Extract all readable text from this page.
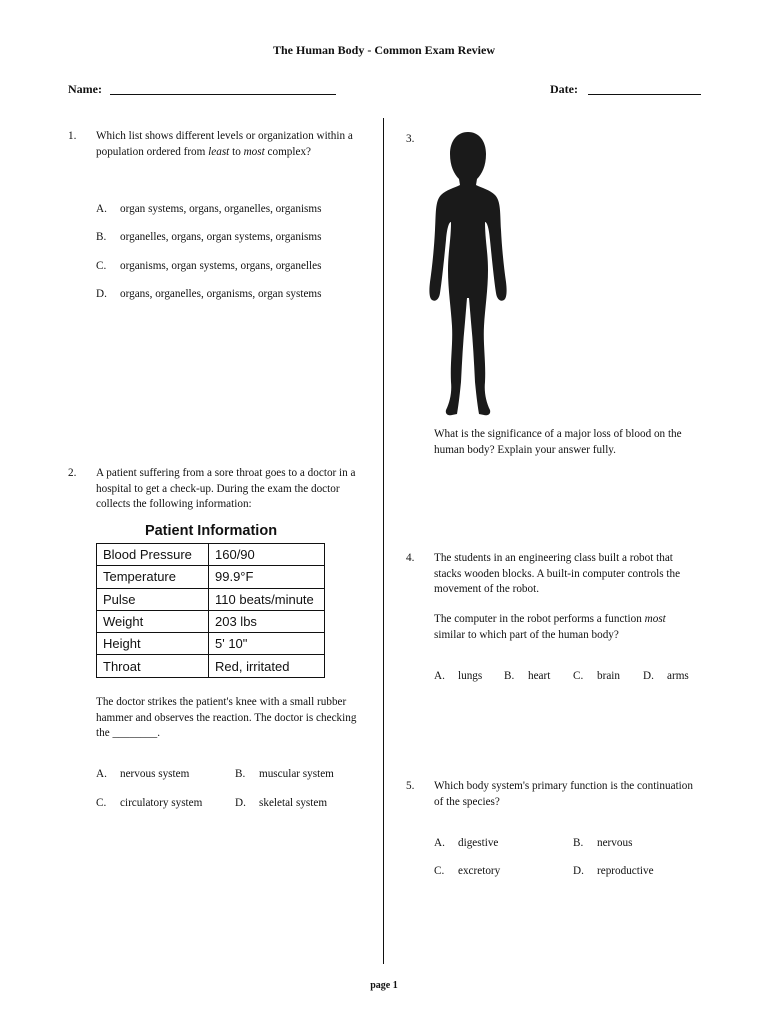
The Human Body - Common Exam Review
Name:	Date:
1. Which list shows different levels or organization within a population ordered from least to most complex?
A. organ systems, organs, organelles, organisms
B. organelles, organs, organ systems, organisms
C. organisms, organ systems, organs, organelles
D. organs, organelles, organisms, organ systems
2. A patient suffering from a sore throat goes to a doctor in a hospital to get a check-up. During the exam the doctor collects the following information:
Patient Information
Blood Pressure	160/90
Temperature	99.9°F
Pulse	110 beats/minute
Weight	203 lbs
Height	5' 10"
Throat	Red, irritated
The doctor strikes the patient's knee with a small rubber hammer and observes the reaction. The doctor is checking the ________.
A. nervous system	B. muscular system
C. circulatory system	D. skeletal system
3.
What is the significance of a major loss of blood on the human body? Explain your answer fully.
4. The students in an engineering class built a robot that stacks wooden blocks. A built-in computer controls the movement of the robot.
The computer in the robot performs a function most similar to which part of the human body?
A. lungs B. heart C. brain D. arms
5. Which body system's primary function is the continuation of the species?
A. digestive	B. nervous
C. excretory	D. reproductive
page 1
